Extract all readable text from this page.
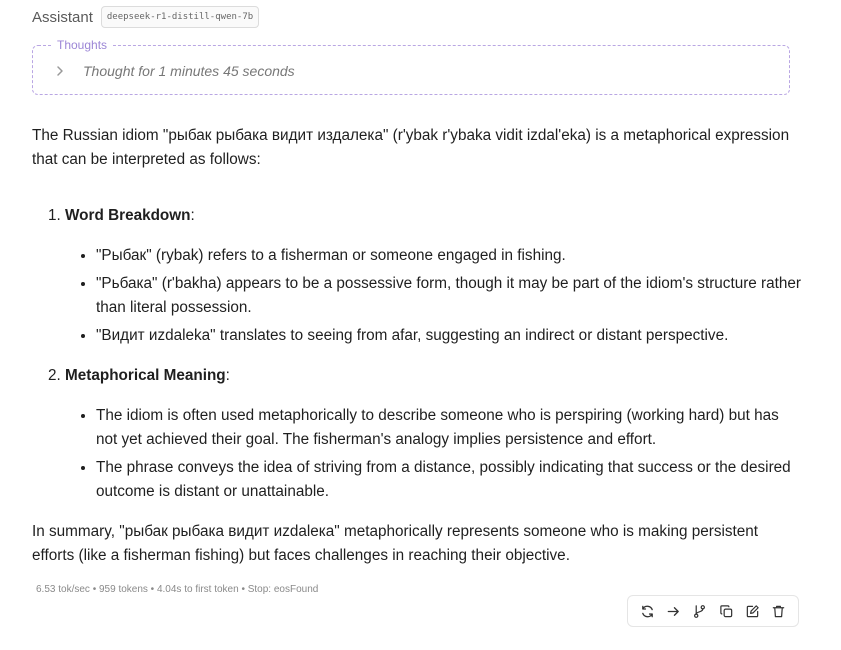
Assistant	deepseek-r1-distill-qwen-7b
Thoughts
Thought for 1 minutes 45 seconds

The Russian idiom "рыбак рыбака видит издалека" (r'ybak r'ybaka vidit izdal'eka) is a metaphorical expression that can be interpreted as follows:

1. Word Breakdown:
• "Рыбак" (rybak) refers to a fisherman or someone engaged in fishing.
• "Рьбака" (r'bakha) appears to be a possessive form, though it may be part of the idiom's structure rather than literal possession.
• "Видит иzdaleka" translates to seeing from afar, suggesting an indirect or distant perspective.
2. Metaphorical Meaning:
• The idiom is often used metaphorically to describe someone who is perspiring (working hard) but has not yet achieved their goal. The fisherman's analogy implies persistence and effort.
• The phrase conveys the idea of striving from a distance, possibly indicating that success or the desired outcome is distant or unattainable.

In summary, "рыбак рыбака видит иzdaleка" metaphorically represents someone who is making persistent efforts (like a fisherman fishing) but faces challenges in reaching their objective.

6.53 tok/sec • 959 tokens • 4.04s to first token • Stop: eosFound
